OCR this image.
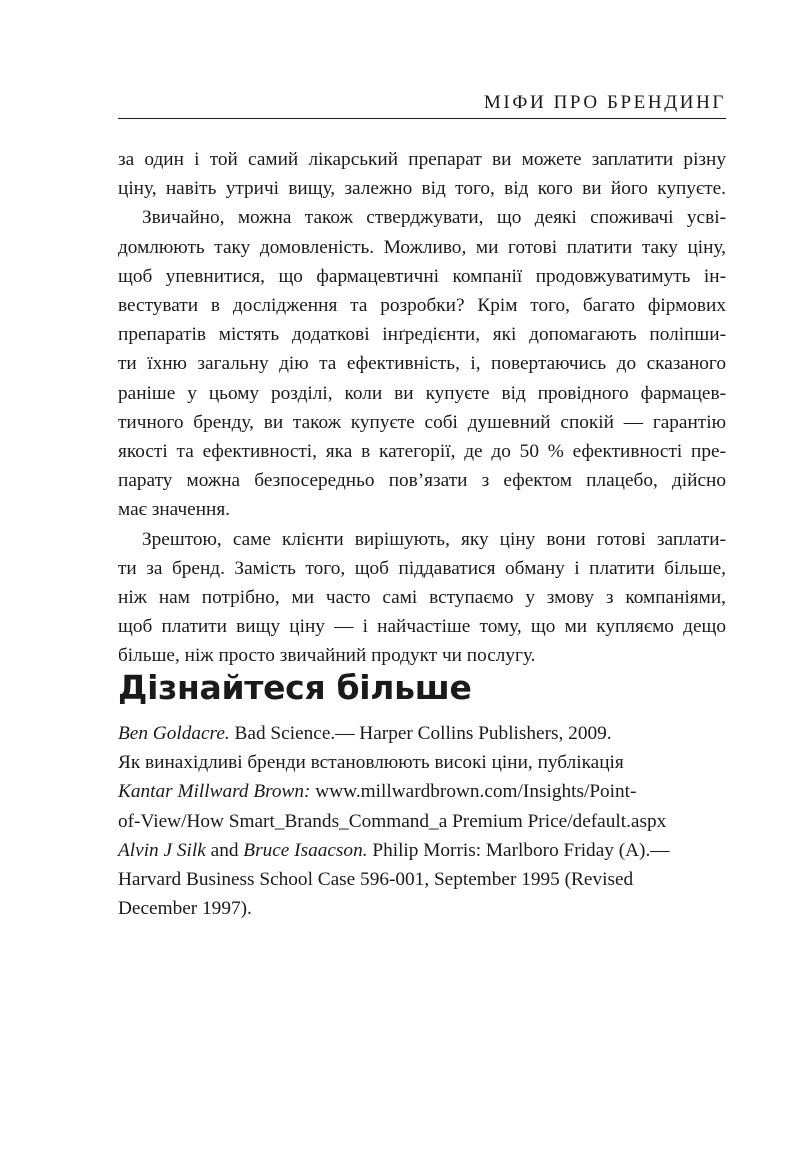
МІФИ ПРО БРЕНДИНГ

за один і той самий лікарський препарат ви можете заплатити різну
ціну, навіть утричі вищу, залежно від того, від кого ви його купуєте.

Звичайно, можна також стверджувати, що деякі споживачі усві-
домлюють таку домовленість. Можливо, ми готові платити таку ціну,
щоб упевнитися, що фармацевтичні компанії продовжуватимуть ін-
вестувати в дослідження та розробки? Крім того, багато фірмових
препаратів містять додаткові інґредієнти, які допомагають поліпши-
ти їхню загальну дію та ефективність, і, повертаючись до сказаного
раніше у цьому розділі, коли ви купуєте від провідного фармацев-
тичного бренду, ви також купуєте собі душевний спокій — гарантію
якості та ефективності, яка в категорії, де до 50 % ефективності пре-
парату можна безпосередньо пов’язати з ефектом плацебо, дійсно

має значення.

Зрештою, саме клієнти вирішують, яку ціну вони готові заплати-
ти за бренд. Замість того, щоб піддаватися обману і платити більше,
ніж нам потрібно, ми часто самі вступаємо у змову з компаніями,
щоб платити вищу ціну — і найчастіше тому, що ми купляємо дещо

більше, ніж просто звичайний продукт чи послугу.

Дізнайтеся більше

Ben Goldacre. Bad Science.— Harper Collins Publishers, 2009.

Як винахідливі бренди встановлюють високі ціни, публікація
Kantar Millward Brown: www.millwardbrown.com/Insights/Point-
of-View/How Smart_Brands_Command_a Premium Price/default.aspx

Alvin J Silk and Bruce Isaacson. Philip Morris: Marlboro Friday (A).—
Harvard Business School Case 596-001, September 1995 (Revised
December 1997).
